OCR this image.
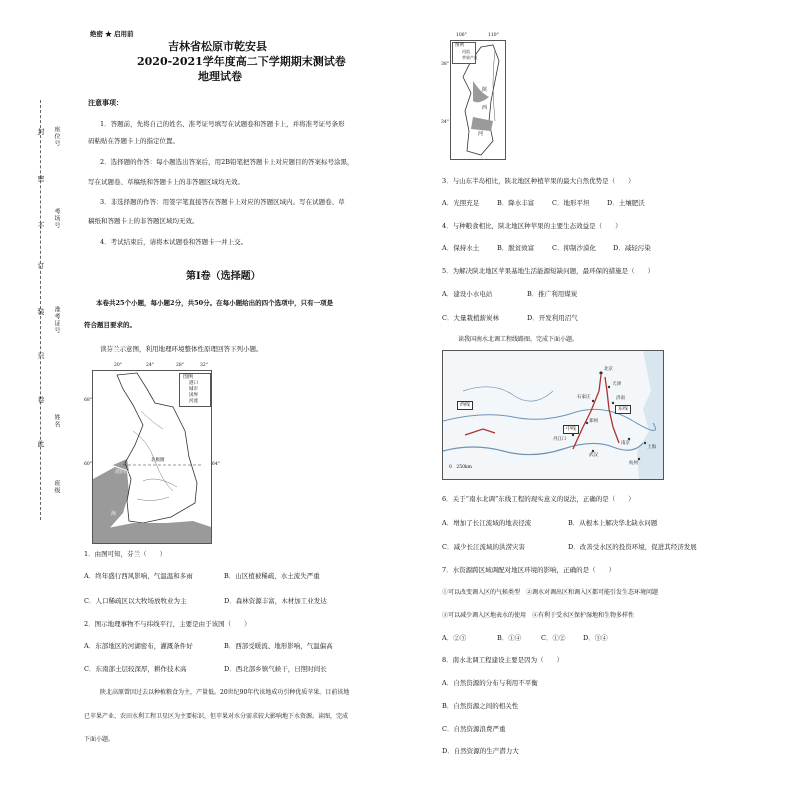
封
密
不
订
装
只
卷
此
座位号
考场号
准考证号
姓名
班级
绝密 ★ 启用前
吉林省松原市乾安县
2020-2021学年度高二下学期期末测试卷
地理试卷
注意事项：
1．答题前，先将自己的姓名、准考证号填写在试题卷和答题卡上，并将准考证号条形
码粘贴在答题卡上的指定位置。
2．选择题的作答：每小题选出答案后，用2B铅笔把答题卡上对应题目的答案标号涂黑，
写在试题卷、草稿纸和答题卡上的非答题区域均无效。
3．非选择题的作答：用签字笔直接答在答题卡上对应的答题区域内。写在试题卷、草
稿纸和答题卡上的非答题区域均无效。
4．考试结束后，请将本试题卷和答题卡一并上交。
第Ⅰ卷（选择题）
本卷共25个小题，每小题2分，共50分。在每小题给出的四个选项中，只有一项是
符合题目要求的。
读芬兰示意图，利用地理环境整体性原理回答下列小题。
图例
港口
城市
国界
河流
波的尼亚湾
北极圈
海
20°	24°	28°	32°
68°
64°
60°
1．由图可知，芬兰（　　）
A．终年盛行西风影响，气温温和多雨	B．山区植被稀疏，水土流失严重
C．人口稀疏区以大牧场放牧业为主	D．森林资源丰富，木材加工业发达
2．图示地理事物不与纬线平行，主要是由于该国（　　）
A．东部地区的河湖密布，灌溉条件好	B．西部受暖流、地形影响，气温偏高
C．东南部土层较深厚，耕作技术高	D．西北部乡镇气候干，日照时间长
陕北高原曾因过去以种植粮食为主，产量低。20世纪90年代该地成功引种优质苹果。目前该地
已苹果产业、农田水利工程卫星区为主要标识，但苹果对水分需求较大影响地下水资源。读图，完成
下面小题。
图例
河流
苹果产区
陕
西
河
106°	110°
38°
34°
3．与山东半岛相比，陕北地区种植苹果的最大自然优势是（　　）
A．光照充足	B．降水丰富	C．地形平坦	D．土壤肥沃
4．与种粮食相比，陕北地区种苹果的主要生态效益是（　　）
A．保持水土	B．脱贫致富	C．抑制沙漠化	D．减轻污染
5．为解决陕北地区苹果基地生活能源短缺问题，最环保的措施是（　　）
A．建设小水电站	B．推广利用煤炭
C．大量栽植薪炭林	D．开发利用沼气
读我国南水北调工程线路图。完成下面小题。
西线
中线
东线
北京
天津
石家庄	济南
郑州
南京
上海
武汉
丹江口
杭州
0　250km
6．关于“南水北调”东线工程的现实意义的说法，正确的是（　　）
A．增加了长江流域的地表径流	B．从根本上解决华北缺水问题
C．减少长江流域的洪涝灾害	D．改善受水区的投资环境，促进其经济发展
7．水资源跨区域调配对地区环境的影响，正确的是（　　）
①可以改变调入区的气候类型　②调水对调出区和调入区都可能引发生态环境问题
③可以减少调入区地表水的使用　④有利于受水区保护湿地和生物多样性
A．②③	B．①④	C．①②	D．③④
8．南水北调工程建设主要是因为（　　）
A．自然资源的分布与利用不平衡
B．自然资源之间的相关性
C．自然资源浪费严重
D．自然资源的生产潜力大
